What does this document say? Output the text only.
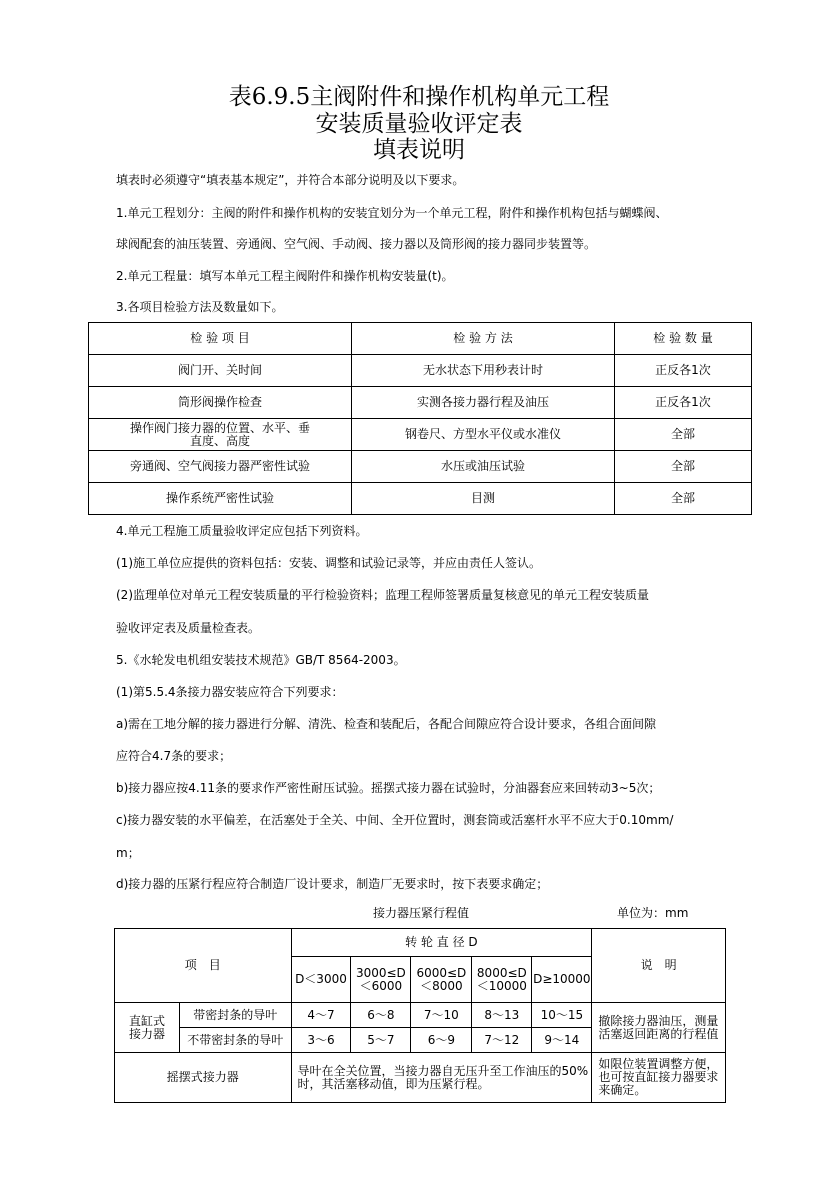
表6.9.5主阀附件和操作机构单元工程
安装质量验收评定表
填表说明
填表时必须遵守“填表基本规定”，并符合本部分说明及以下要求。
1.单元工程划分：主阀的附件和操作机构的安装宜划分为一个单元工程，附件和操作机构包括与蝴蝶阀、
球阀配套的油压装置、旁通阀、空气阀、手动阀、接力器以及筒形阀的接力器同步装置等。
2.单元工程量：填写本单元工程主阀附件和操作机构安装量(t)。
3.各项目检验方法及数量如下。
检 验 项 目	检 验 方 法	检 验 数 量
阀门开、关时间	无水状态下用秒表计时	正反各1次
筒形阀操作检查	实测各接力器行程及油压	正反各1次
操作阀门接力器的位置、水平、垂直度、高度	钢卷尺、方型水平仪或水准仪	全部
旁通阀、空气阀接力器严密性试验	水压或油压试验	全部
操作系统严密性试验	目测	全部
4.单元工程施工质量验收评定应包括下列资料。
(1)施工单位应提供的资料包括：安装、调整和试验记录等，并应由责任人签认。
(2)监理单位对单元工程安装质量的平行检验资料；监理工程师签署质量复核意见的单元工程安装质量
验收评定表及质量检查表。
5.《水轮发电机组安装技术规范》GB/T 8564-2003。
(1)第5.5.4条接力器安装应符合下列要求：
a)需在工地分解的接力器进行分解、清洗、检查和装配后，各配合间隙应符合设计要求，各组合面间隙
应符合4.7条的要求；
b)接力器应按4.11条的要求作严密性耐压试验。摇摆式接力器在试验时，分油器套应来回转动3~5次；
c)接力器安装的水平偏差，在活塞处于全关、中间、全开位置时，测套筒或活塞杆水平不应大于0.10mm/
m；
d)接力器的压紧行程应符合制造厂设计要求，制造厂无要求时，按下表要求确定；
接力器压紧行程值	单位为：mm
项　目		转 轮 直 径 D					说　明
		D＜3000	3000≤D＜6000	6000≤D＜8000	8000≤D＜10000	D≥10000	
直缸式接力器	带密封条的导叶	4～7	6～8	7～10	8～13	10～15	撤除接力器油压，测量活塞返回距离的行程值
	不带密封条的导叶	3～6	5～7	6～9	7～12	9～14	
摇摆式接力器		导叶在全关位置，当接力器自无压升至工作油压的50%时，其活塞移动值，即为压紧行程。					如限位装置调整方便，也可按直缸接力器要求来确定。
